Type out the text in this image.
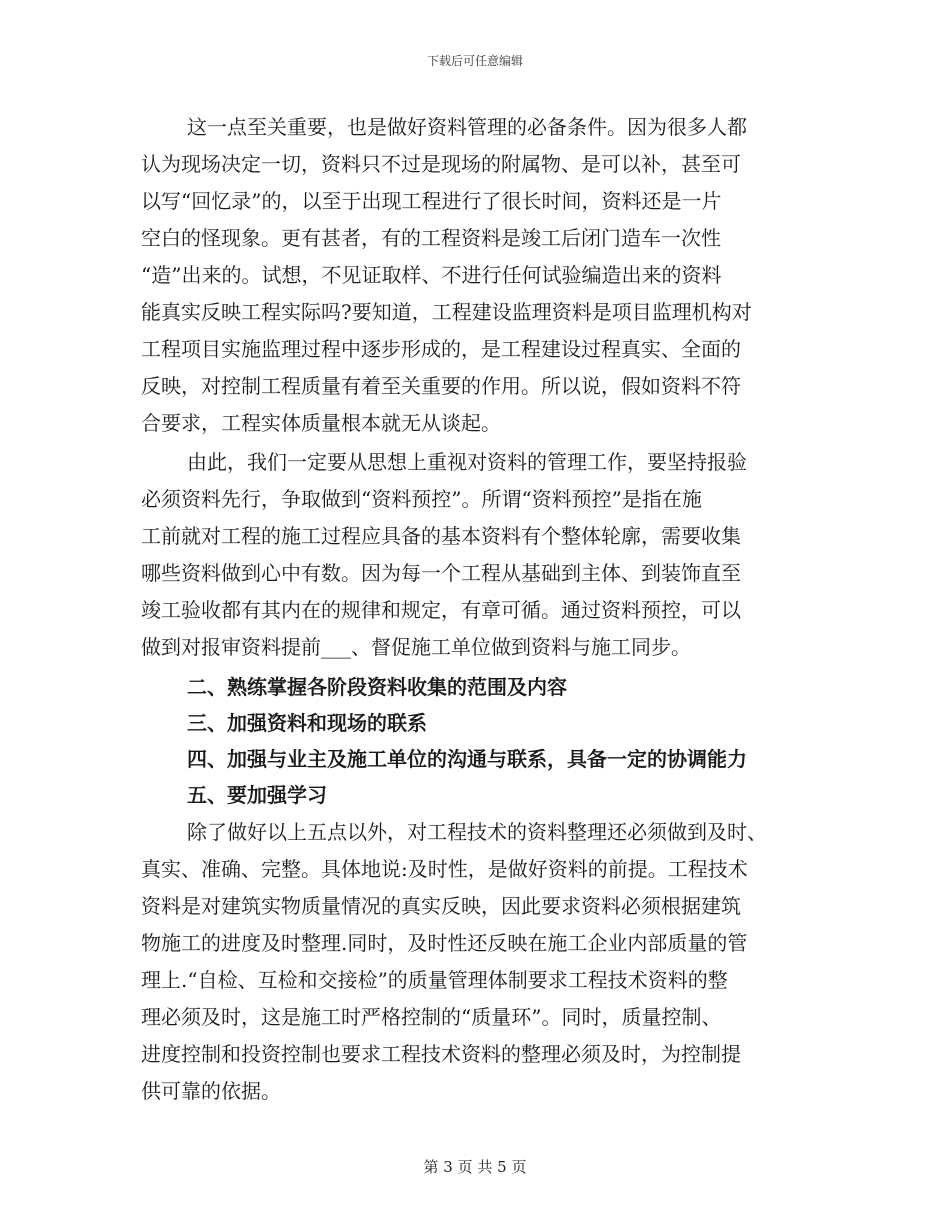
下载后可任意编辑
这一点至关重要，也是做好资料管理的必备条件。因为很多人都
认为现场决定一切，资料只不过是现场的附属物、是可以补，甚至可
以写“回忆录”的，以至于出现工程进行了很长时间，资料还是一片
空白的怪现象。更有甚者，有的工程资料是竣工后闭门造车一次性
“造”出来的。试想，不见证取样、不进行任何试验编造出来的资料
能真实反映工程实际吗?要知道，工程建设监理资料是项目监理机构对
工程项目实施监理过程中逐步形成的，是工程建设过程真实、全面的
反映，对控制工程质量有着至关重要的作用。所以说，假如资料不符
合要求，工程实体质量根本就无从谈起。
由此，我们一定要从思想上重视对资料的管理工作，要坚持报验
必须资料先行，争取做到“资料预控”。所谓“资料预控”是指在施
工前就对工程的施工过程应具备的基本资料有个整体轮廓，需要收集
哪些资料做到心中有数。因为每一个工程从基础到主体、到装饰直至
竣工验收都有其内在的规律和规定，有章可循。通过资料预控，可以
做到对报审资料提前___、督促施工单位做到资料与施工同步。
二、熟练掌握各阶段资料收集的范围及内容
三、加强资料和现场的联系
四、加强与业主及施工单位的沟通与联系，具备一定的协调能力
五、要加强学习
除了做好以上五点以外，对工程技术的资料整理还必须做到及时、
真实、准确、完整。具体地说:及时性，是做好资料的前提。工程技术
资料是对建筑实物质量情况的真实反映，因此要求资料必须根据建筑
物施工的进度及时整理.同时，及时性还反映在施工企业内部质量的管
理上.“自检、互检和交接检”的质量管理体制要求工程技术资料的整
理必须及时，这是施工时严格控制的“质量环”。同时，质量控制、
进度控制和投资控制也要求工程技术资料的整理必须及时，为控制提
供可靠的依据。
第 3 页 共 5 页
